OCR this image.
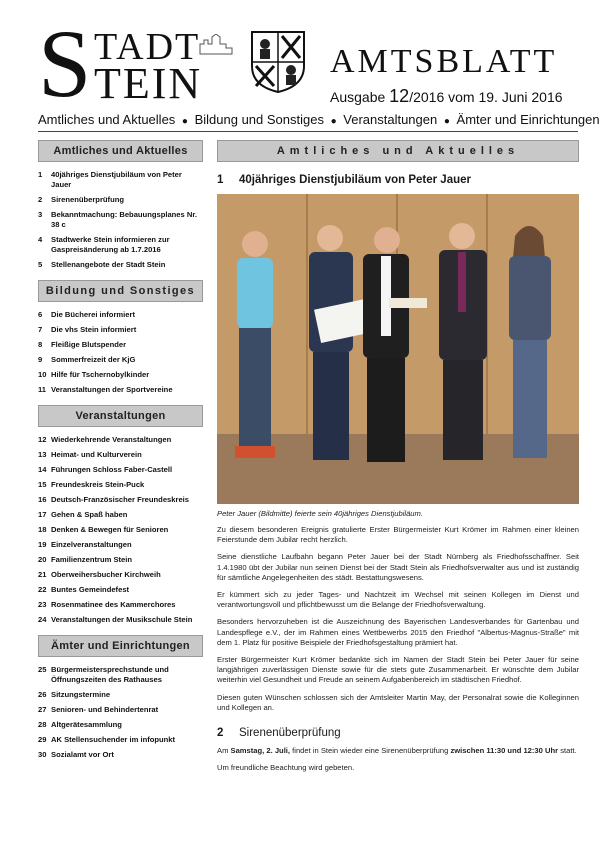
S TADT
TEIN	AMTSBLATT
Ausgabe 12/2016 vom 19. Juni 2016
Amtliches und Aktuelles ● Bildung und Sonstiges ● Veranstaltungen ● Ämter und Einrichtungen
Amtliches und Aktuelles
1	40jähriges Dienstjubiläum von Peter Jauer
2	Sirenenüberprüfung
3	Bekanntmachung: Bebauungsplanes Nr. 38 c
4	Stadtwerke Stein informieren zur Gaspreisänderung ab 1.7.2016
5	Stellenangebote der Stadt Stein
Bildung und Sonstiges
6	Die Bücherei informiert
7	Die vhs Stein informiert
8	Fleißige Blutspender
9	Sommerfreizeit der KjG
10 Hilfe für Tschernobylkinder
11 Veranstaltungen der Sportvereine
Veranstaltungen
12 Wiederkehrende Veranstaltungen
13 Heimat- und Kulturverein
14 Führungen Schloss Faber-Castell
15 Freundeskreis Stein-Puck
16 Deutsch-Französischer Freundeskreis
17 Gehen & Spaß haben
18 Denken & Bewegen für Senioren
19 Einzelveranstaltungen
20 Familienzentrum Stein
21 Oberweihersbucher Kirchweih
22 Buntes Gemeindefest
23 Rosenmatinee des Kammerchores
24 Veranstaltungen der Musikschule Stein
Ämter und Einrichtungen
25 Bürgermeistersprechstunde und Öffnungszeiten des Rathauses
26 Sitzungstermine
27 Senioren- und Behindertenrat
28 Altgerätesammlung
29 AK Stellensuchender im infopunkt
30 Sozialamt vor Ort
Amtliches und Aktuelles
1	40jähriges Dienstjubiläum von Peter Jauer
Peter Jauer (Bildmitte) feierte sein 40jähriges Dienstjubiläum.
Zu diesem besonderen Ereignis gratulierte Erster Bürgermeister Kurt Krömer im Rahmen einer kleinen Feierstunde dem Jubilar recht herzlich.
Seine dienstliche Laufbahn begann Peter Jauer bei der Stadt Nürnberg als Friedhofsschaffner. Seit 1.4.1980 übt der Jubilar nun seinen Dienst bei der Stadt Stein als Friedhofsverwalter aus und ist zuständig für sämtliche Angelegenheiten des städt. Bestattungswesens.
Er kümmert sich zu jeder Tages- und Nachtzeit im Wechsel mit seinen Kollegen im Dienst und verantwortungsvoll und pflichtbewusst um die Belange der Friedhofsverwaltung.
Besonders hervorzuheben ist die Auszeichnung des Bayerischen Landesverbandes für Gartenbau und Landespflege e.V., der im Rahmen eines Wettbewerbs 2015 den Friedhof "Albertus-Magnus-Straße" mit dem 1. Platz für positive Beispiele der Friedhofsgestaltung prämiert hat.
Erster Bürgermeister Kurt Krömer bedankte sich im Namen der Stadt Stein bei Peter Jauer für seine langjährigen zuverlässigen Dienste sowie für die stets gute Zusammenarbeit. Er wünschte dem Jubilar weiterhin viel Gesundheit und Freude an seinem Aufgabenbereich im städtischen Friedhof.
Diesen guten Wünschen schlossen sich der Amtsleiter Martin May, der Personalrat sowie die Kolleginnen und Kollegen an.
2	Sirenenüberprüfung
Am Samstag, 2. Juli, findet in Stein wieder eine Sirenenüberprüfung zwischen 11:30 und 12:30 Uhr statt.
Um freundliche Beachtung wird gebeten.
